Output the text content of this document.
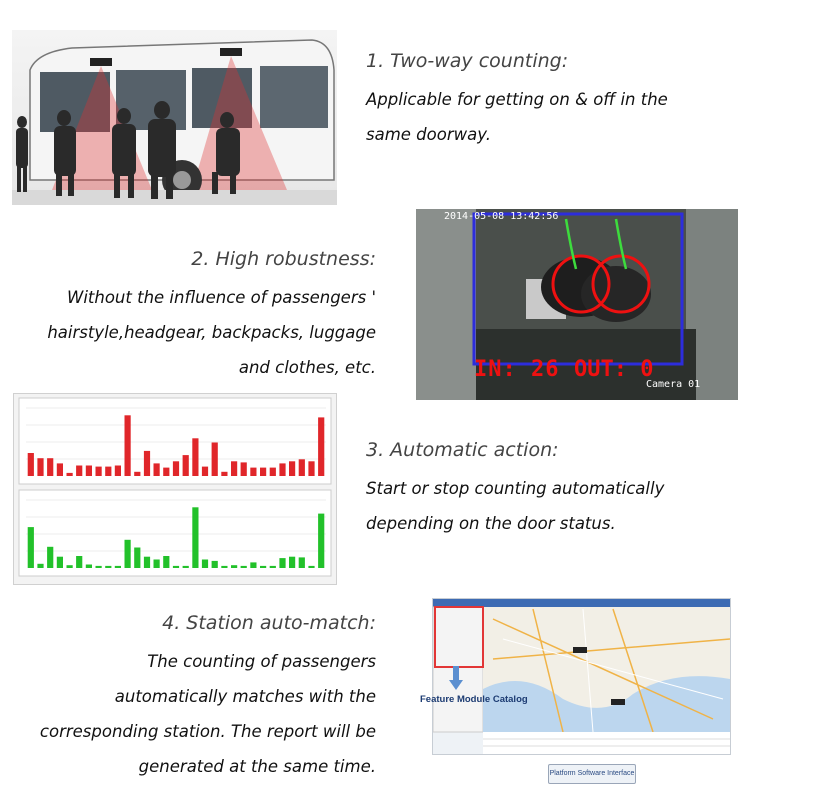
1. Two-way counting:
Applicable for getting on & off in the
same doorway.
2. High robustness:
Without the influence of passengers '
hairstyle,headgear, backpacks, luggage
and clothes, etc.
3. Automatic action:
Start or stop counting automatically
depending on the door status.
4. Station auto-match:
The counting of passengers
automatically matches with the
corresponding station. The report will be
generated at the same time.
2014-05-08 13:42:56
IN: 26 OUT: 0
Camera 01
Feature Module Catalog
Platform Software Interface
